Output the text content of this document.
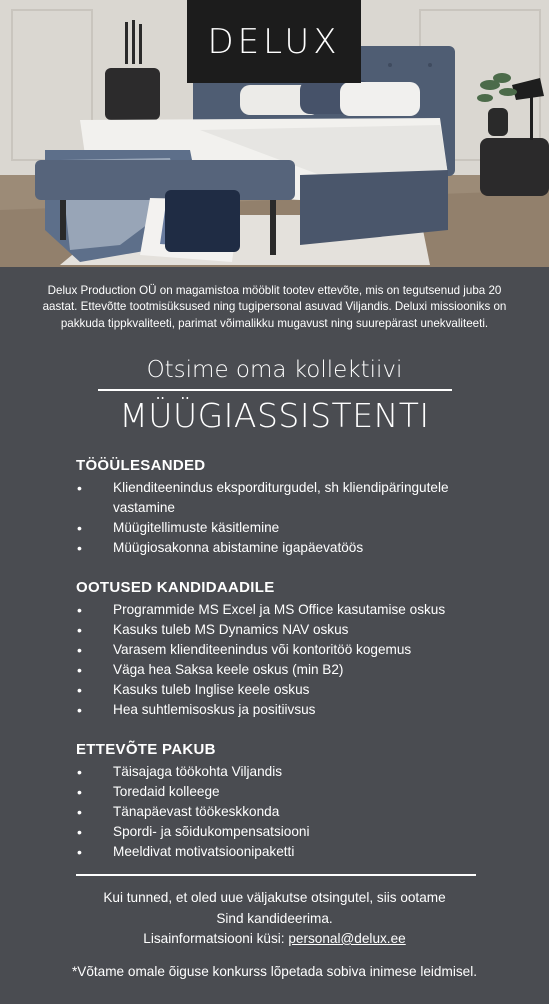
DELUX

Delux Production OÜ on magamistoa mööblit tootev ettevõte, mis on tegutsenud juba 20 aastat. Ettevõtte tootmisüksused ning tugipersonal asuvad Viljandis. Deluxi missiooniks on pakkuda tippkvaliteeti, parimat võimalikku mugavust ning suurepärast unekvaliteeti.

Otsime oma kollektiivi
MÜÜGIASSISTENTI
TÖÖÜLESANDED
• Klienditeenindus eksporditurgudel, sh kliendipäringutele vastamine
• Müügitellimuste käsitlemine
• Müügiosakonna abistamine igapäevatöös
OOTUSED KANDIDAADILE
• Programmide MS Excel ja MS Office kasutamise oskus
• Kasuks tuleb MS Dynamics NAV oskus
• Varasem klienditeenindus või kontoritöö kogemus
• Väga hea Saksa keele oskus (min B2)
• Kasuks tuleb Inglise keele oskus
• Hea suhtlemisoskus ja positiivsus
ETTEVÕTE PAKUB
• Täisajaga töökohta Viljandis
• Toredaid kolleege
• Tänapäevast töökeskkonda
• Spordi- ja sõidukompensatsiooni
• Meeldivat motivatsioonipaketti
Kui tunned, et oled uue väljakutse otsingutel, siis ootame
Sind kandideerima.
Lisainformatsiooni küsi: personal@delux.ee
*Võtame omale õiguse konkurss lõpetada sobiva inimese leidmisel.
